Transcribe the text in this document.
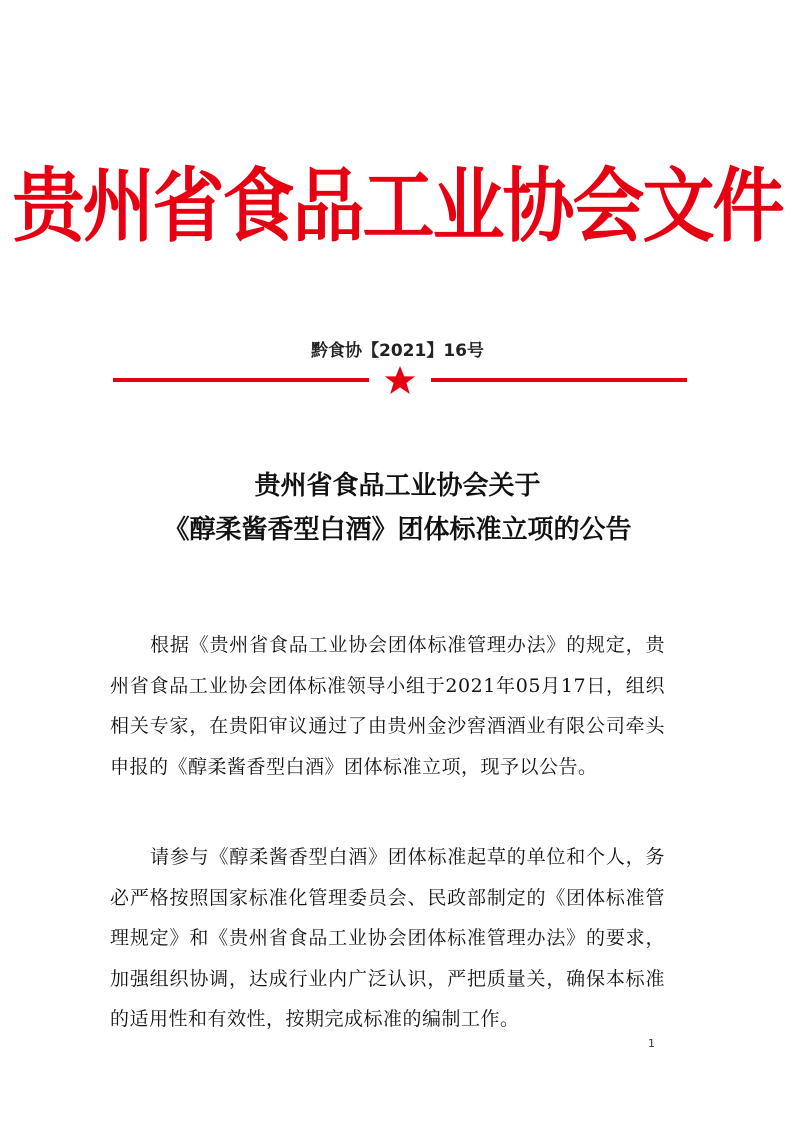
贵州省食品工业协会文件
黔食协【2021】16号
贵州省食品工业协会关于
《醇柔酱香型白酒》团体标准立项的公告

根据《贵州省食品工业协会团体标准管理办法》的规定，贵州省食品工业协会团体标准领导小组于2021年05月17日，组织相关专家，在贵阳审议通过了由贵州金沙窖酒酒业有限公司牵头申报的《醇柔酱香型白酒》团体标准立项，现予以公告。

请参与《醇柔酱香型白酒》团体标准起草的单位和个人，务必严格按照国家标准化管理委员会、民政部制定的《团体标准管理规定》和《贵州省食品工业协会团体标准管理办法》的要求，加强组织协调，达成行业内广泛认识，严把质量关，确保本标准的适用性和有效性，按期完成标准的编制工作。

1
